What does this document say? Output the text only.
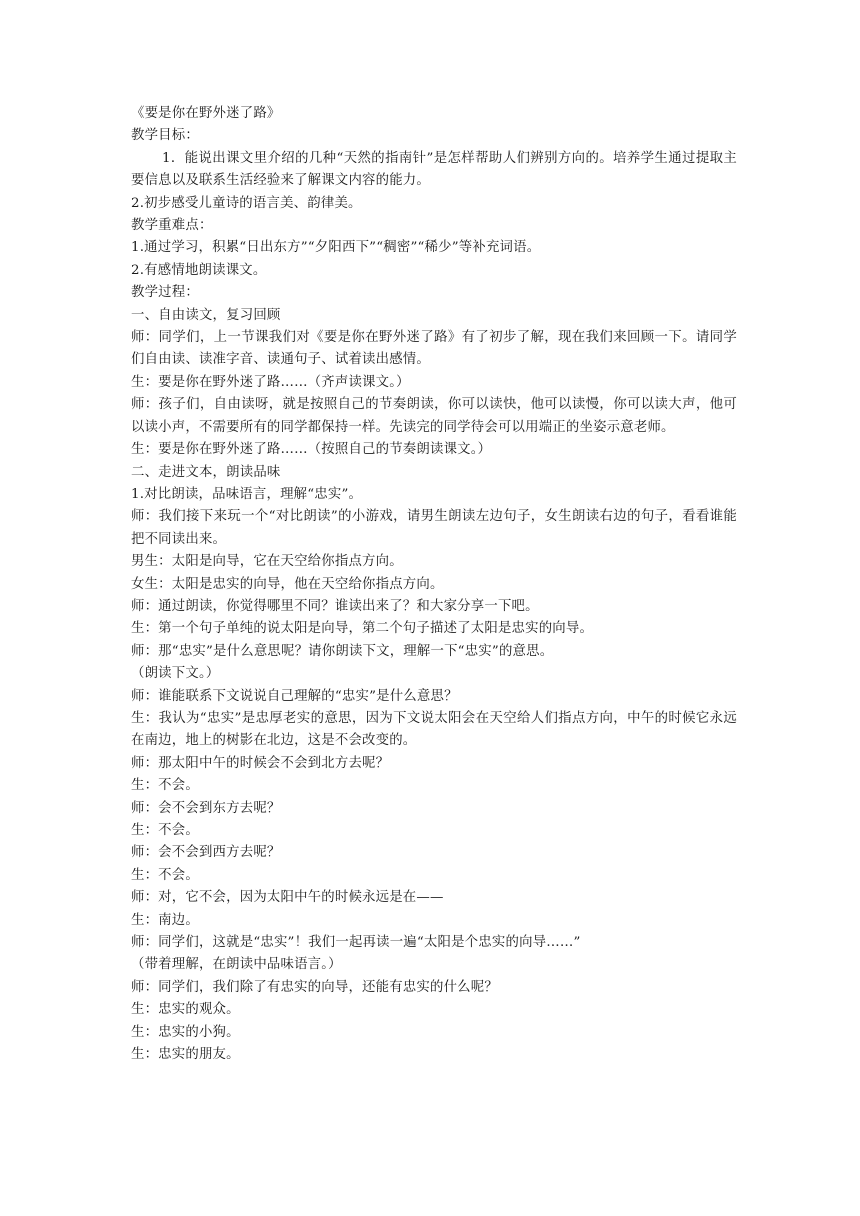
《要是你在野外迷了路》

教学目标：

1．能说出课文里介绍的几种“天然的指南针”是怎样帮助人们辨别方向的。培养学生通过提取主要信息以及联系生活经验来了解课文内容的能力。

2.初步感受儿童诗的语言美、韵律美。

教学重难点：

1.通过学习，积累“日出东方”“夕阳西下”“稠密”“稀少”等补充词语。

2.有感情地朗读课文。

教学过程：

一、自由读文，复习回顾

师：同学们，上一节课我们对《要是你在野外迷了路》有了初步了解，现在我们来回顾一下。请同学们自由读、读准字音、读通句子、试着读出感情。

生：要是你在野外迷了路……（齐声读课文。）

师：孩子们，自由读呀，就是按照自己的节奏朗读，你可以读快，他可以读慢，你可以读大声，他可以读小声，不需要所有的同学都保持一样。先读完的同学待会可以用端正的坐姿示意老师。

生：要是你在野外迷了路……（按照自己的节奏朗读课文。）

二、走进文本，朗读品味

1.对比朗读，品味语言，理解“忠实”。

师：我们接下来玩一个“对比朗读”的小游戏，请男生朗读左边句子，女生朗读右边的句子，看看谁能把不同读出来。

男生：太阳是向导，它在天空给你指点方向。

女生：太阳是忠实的向导，他在天空给你指点方向。

师：通过朗读，你觉得哪里不同？谁读出来了？和大家分享一下吧。

生：第一个句子单纯的说太阳是向导，第二个句子描述了太阳是忠实的向导。

师：那“忠实”是什么意思呢？请你朗读下文，理解一下“忠实”的意思。

（朗读下文。）

师：谁能联系下文说说自己理解的“忠实”是什么意思？

生：我认为“忠实”是忠厚老实的意思，因为下文说太阳会在天空给人们指点方向，中午的时候它永远在南边，地上的树影在北边，这是不会改变的。

师：那太阳中午的时候会不会到北方去呢？

生：不会。

师：会不会到东方去呢？

生：不会。

师：会不会到西方去呢？

生：不会。

师：对，它不会，因为太阳中午的时候永远是在——

生：南边。

师：同学们，这就是“忠实”！我们一起再读一遍“太阳是个忠实的向导……”

（带着理解，在朗读中品味语言。）

师：同学们，我们除了有忠实的向导，还能有忠实的什么呢？

生：忠实的观众。

生：忠实的小狗。

生：忠实的朋友。
